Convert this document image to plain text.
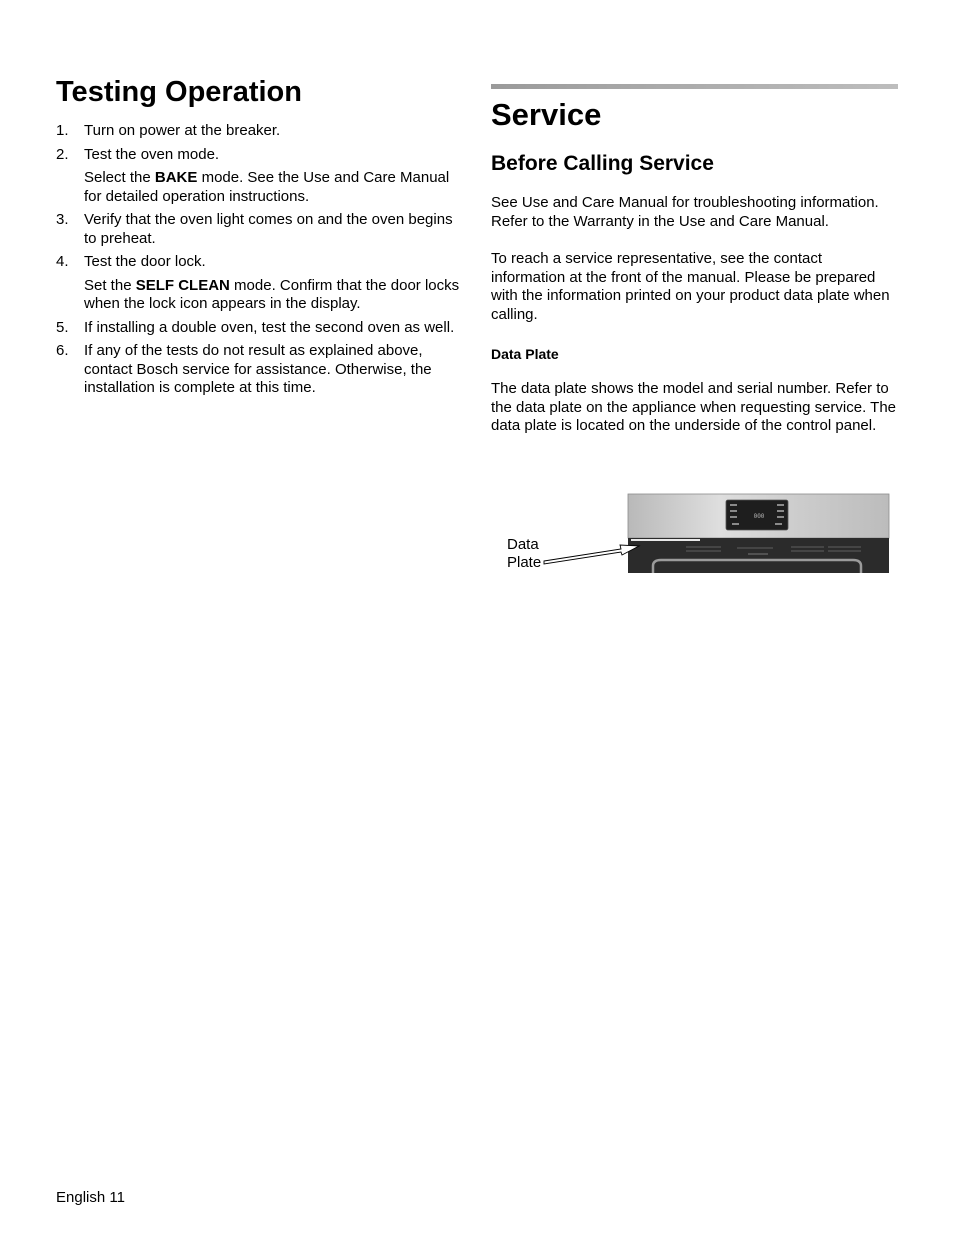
Testing Operation
1. Turn on power at the breaker.
2. Test the oven mode.
Select the BAKE mode. See the Use and Care Manual for detailed operation instructions.
3. Verify that the oven light comes on and the oven begins to preheat.
4. Test the door lock.
Set the SELF CLEAN mode. Confirm that the door locks when the lock icon appears in the display.
5. If installing a double oven, test the second oven as well.
6. If any of the tests do not result as explained above, contact Bosch service for assistance. Otherwise, the installation is complete at this time.
Service
Before Calling Service

See Use and Care Manual for troubleshooting information. Refer to the Warranty in the Use and Care Manual.

To reach a service representative, see the contact information at the front of the manual. Please be prepared with the information printed on your product data plate when calling.

Data Plate

The data plate shows the model and serial number. Refer to the data plate on the appliance when requesting service. The data plate is located on the underside of the control panel.

000
Data
Plate
English 11
